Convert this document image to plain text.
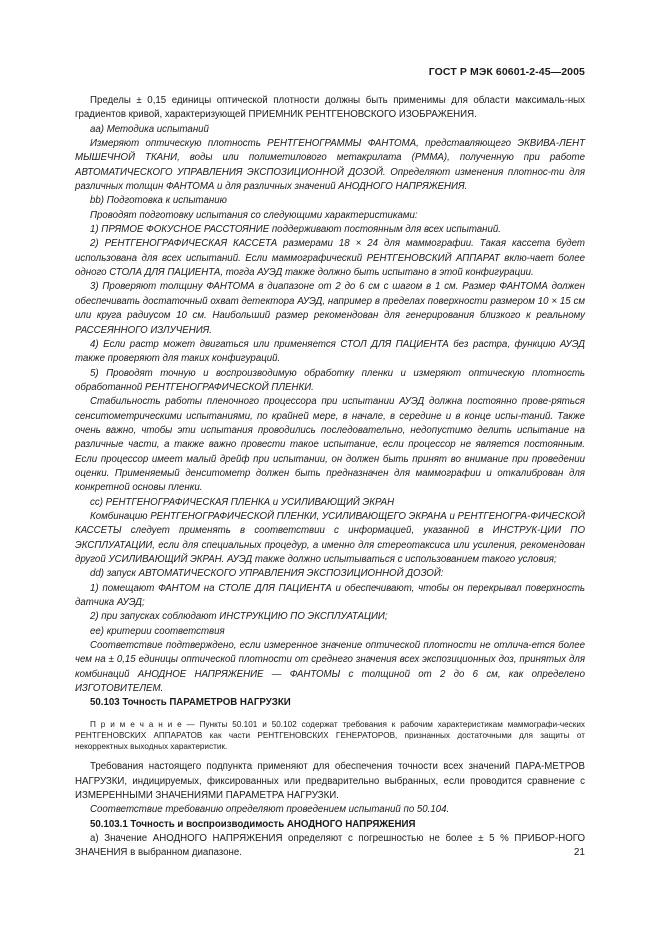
ГОСТ Р МЭК 60601-2-45—2005

Пределы ± 0,15 единицы оптической плотности должны быть применимы для области максималь-ных градиентов кривой, характеризующей ПРИЕМНИК РЕНТГЕНОВСКОГО ИЗОБРАЖЕНИЯ.

аа) Методика испытаний

Измеряют оптическую плотность РЕНТГЕНОГРАММЫ ФАНТОМА, представляющего ЭКВИВА-ЛЕНТ МЫШЕЧНОЙ ТКАНИ, воды или полиметилового метакрилата (PMMA), полученную при работе АВТОМАТИЧЕСКОГО УПРАВЛЕНИЯ ЭКСПОЗИЦИОННОЙ ДОЗОЙ. Определяют изменения плотнос-ти для различных толщин ФАНТОМА и для различных значений АНОДНОГО НАПРЯЖЕНИЯ.

bb) Подготовка к испытанию

Проводят подготовку испытания со следующими характеристиками:

1) ПРЯМОЕ ФОКУСНОЕ РАССТОЯНИЕ поддерживают постоянным для всех испытаний.

2) РЕНТГЕНОГРАФИЧЕСКАЯ КАССЕТА размерами 18 × 24 для маммографии. Такая кассета будет использована для всех испытаний. Если маммографический РЕНТГЕНОВСКИЙ АППАРАТ вклю-чает более одного СТОЛА ДЛЯ ПАЦИЕНТА, тогда АУЭД также должно быть испытано в этой конфигурации.

3) Проверяют толщину ФАНТОМА в диапазоне от 2 до 6 см с шагом в 1 см. Размер ФАНТОМА должен обеспечивать достаточный охват детектора АУЭД, например в пределах поверхности размером 10 × 15 см или круга радиусом 10 см. Наибольший размер рекомендован для генерирования близкого к реальному РАССЕЯННОГО ИЗЛУЧЕНИЯ.

4) Если растр может двигаться или применяется СТОЛ ДЛЯ ПАЦИЕНТА без растра, функцию АУЭД также проверяют для таких конфигураций.

5) Проводят точную и воспроизводимую обработку пленки и измеряют оптическую плотность обработанной РЕНТГЕНОГРАФИЧЕСКОЙ ПЛЕНКИ.

Стабильность работы пленочного процессора при испытании АУЭД должна постоянно прове-ряться сенситометрическими испытаниями, по крайней мере, в начале, в середине и в конце испы-таний. Также очень важно, чтобы эти испытания проводились последовательно, недопустимо делить испытание на различные части, а также важно провести такое испытание, если процессор не является постоянным. Если процессор имеет малый дрейф при испытании, он должен быть принят во внимание при проведении оценки. Применяемый денситометр должен быть предназначен для маммографии и откалиброван для конкретной основы пленки.

сс) РЕНТГЕНОГРАФИЧЕСКАЯ ПЛЕНКА и УСИЛИВАЮЩИЙ ЭКРАН

Комбинацию РЕНТГЕНОГРАФИЧЕСКОЙ ПЛЕНКИ, УСИЛИВАЮЩЕГО ЭКРАНА и РЕНТГЕНОГРА-ФИЧЕСКОЙ КАССЕТЫ следует применять в соответствии с информацией, указанной в ИНСТРУК-ЦИИ ПО ЭКСПЛУАТАЦИИ, если для специальных процедур, а именно для стереотаксиса или усиления, рекомендован другой УСИЛИВАЮЩИЙ ЭКРАН. АУЭД также должно испытываться с использованием такого условия;

dd) запуск АВТОМАТИЧЕСКОГО УПРАВЛЕНИЯ ЭКСПОЗИЦИОННОЙ ДОЗОЙ:

1) помещают ФАНТОМ на СТОЛЕ ДЛЯ ПАЦИЕНТА и обеспечивают, чтобы он перекрывал поверхность датчика АУЭД;

2) при запусках соблюдают ИНСТРУКЦИЮ ПО ЭКСПЛУАТАЦИИ;

ее) критерии соответствия

Соответствие подтверждено, если измеренное значение оптической плотности не отлича-ется более чем на ± 0,15 единицы оптической плотности от среднего значения всех экспозиционных доз, принятых для комбинаций АНОДНОЕ НАПРЯЖЕНИЕ — ФАНТОМЫ с толщиной от 2 до 6 см, как определено ИЗГОТОВИТЕЛЕМ.

50.103 Точность ПАРАМЕТРОВ НАГРУЗКИ

П р и м е ч а н и е — Пункты 50.101 и 50.102 содержат требования к рабочим характеристикам маммографи-ческих РЕНТГЕНОВСКИХ АППАРАТОВ как части РЕНТГЕНОВСКИХ ГЕНЕРАТОРОВ, признанных достаточными для защиты от некорректных выходных характеристик.

Требования настоящего подпункта применяют для обеспечения точности всех значений ПАРА-МЕТРОВ НАГРУЗКИ, индицируемых, фиксированных или предварительно выбранных, если проводится сравнение с ИЗМЕРЕННЫМИ ЗНАЧЕНИЯМИ ПАРАМЕТРА НАГРУЗКИ.

Соответствие требованию определяют проведением испытаний по 50.104.

50.103.1 Точность и воспроизводимость АНОДНОГО НАПРЯЖЕНИЯ

а) Значение АНОДНОГО НАПРЯЖЕНИЯ определяют с погрешностью не более ± 5 % ПРИБОР-НОГО ЗНАЧЕНИЯ в выбранном диапазоне.	21
